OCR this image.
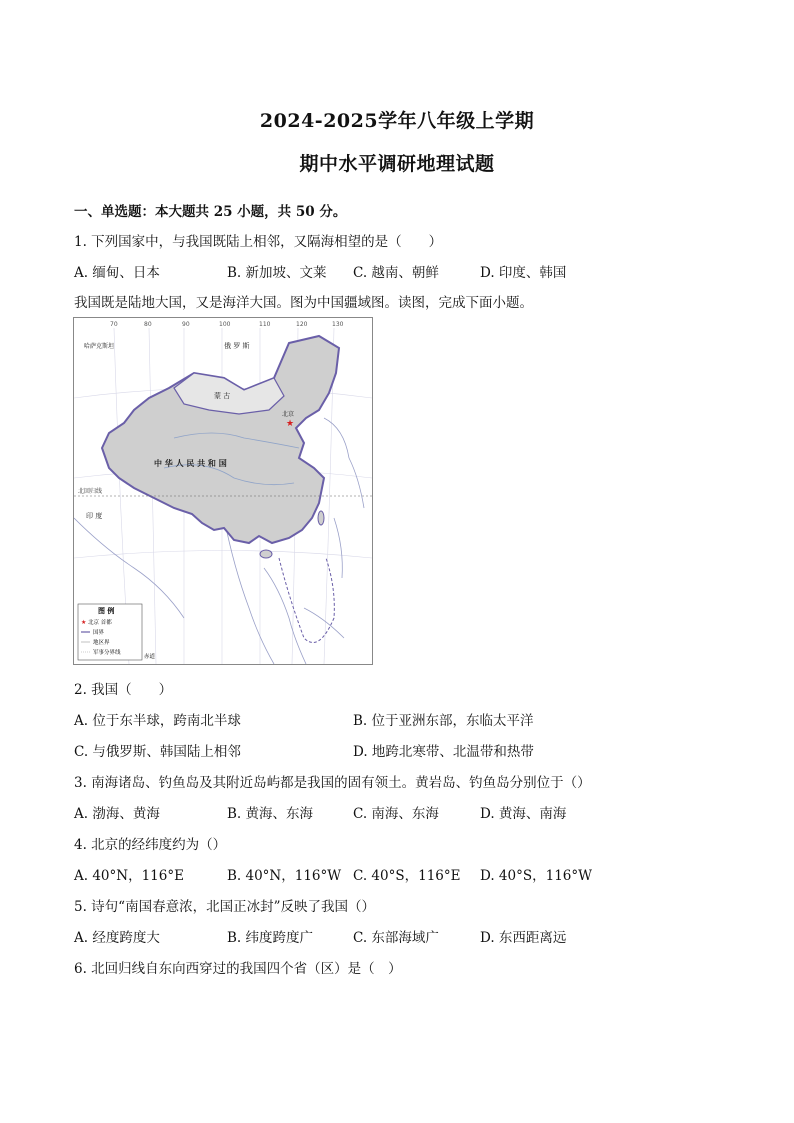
2024-2025学年八年级上学期
期中水平调研地理试题
一、单选题：本大题共 25 小题，共 50 分。
1. 下列国家中，与我国既陆上相邻，又隔海相望的是（　　）
A. 缅甸、日本	B. 新加坡、文莱 C. 越南、朝鲜	D. 印度、韩国
我国既是陆地大国，又是海洋大国。图为中国疆域图。读图，完成下面小题。
70	80	90	100	110	120	130
北回归线
中 华 人 民 共 和 国
蒙 古
俄 罗 斯
哈萨克斯坦
印 度
北京
★
图 例
★ 北京 首都
国界
地区界
军事分界线
赤道
2. 我国（　　）
A. 位于东半球，跨南北半球	B. 位于亚洲东部，东临太平洋
C. 与俄罗斯、韩国陆上相邻	D. 地跨北寒带、北温带和热带
3. 南海诸岛、钓鱼岛及其附近岛屿都是我国的固有领土。黄岩岛、钓鱼岛分别位于（）
A. 渤海、黄海	B. 黄海、东海	C. 南海、东海	D. 黄海、南海
4. 北京的经纬度约为（）
A. 40°N，116°E	B. 40°N，116°W C. 40°S，116°E D. 40°S，116°W
5. 诗句“南国春意浓，北国正冰封”反映了我国（）
A. 经度跨度大	B. 纬度跨度广	C. 东部海域广	D. 东西距离远
6. 北回归线自东向西穿过的我国四个省（区）是（　）
